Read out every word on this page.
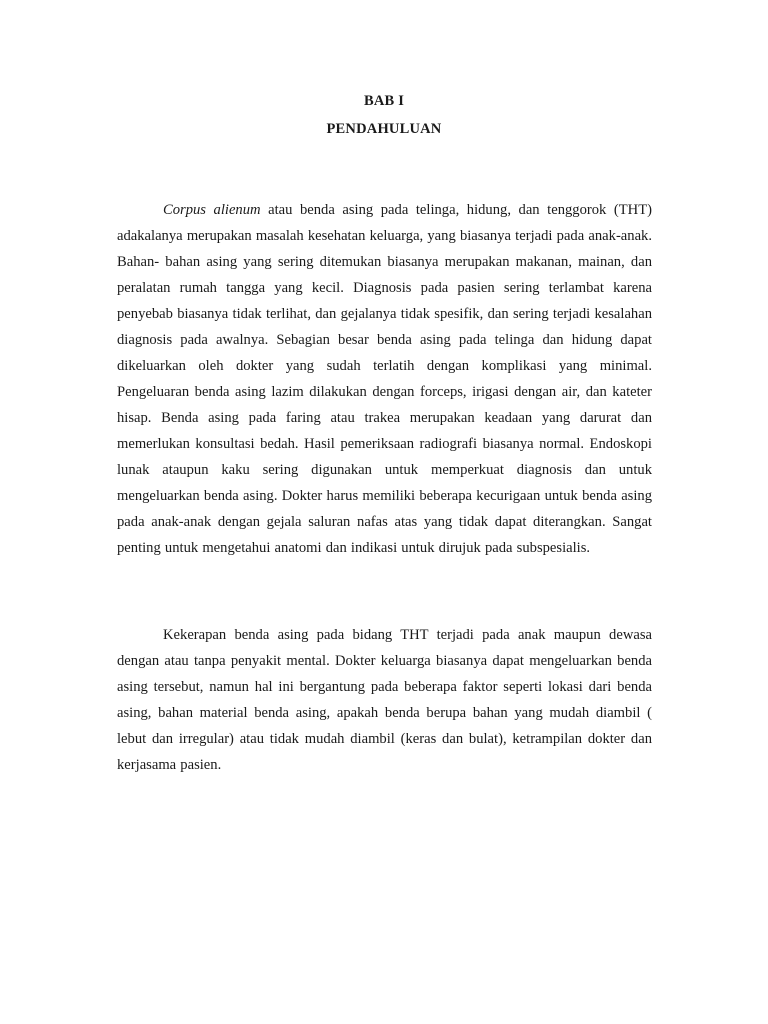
BAB I
PENDAHULUAN

Corpus alienum atau benda asing pada telinga, hidung, dan tenggorok (THT) adakalanya merupakan masalah kesehatan keluarga, yang biasanya terjadi pada anak-anak. Bahan- bahan asing yang sering ditemukan biasanya merupakan makanan, mainan, dan peralatan rumah tangga yang kecil. Diagnosis pada pasien sering terlambat karena penyebab biasanya tidak terlihat, dan gejalanya tidak spesifik, dan sering terjadi kesalahan diagnosis pada awalnya. Sebagian besar benda asing pada telinga dan hidung dapat dikeluarkan oleh dokter yang sudah terlatih dengan komplikasi yang minimal. Pengeluaran benda asing lazim dilakukan dengan forceps, irigasi dengan air, dan kateter hisap. Benda asing pada faring atau trakea merupakan keadaan yang darurat dan memerlukan konsultasi bedah. Hasil pemeriksaan radiografi biasanya normal. Endoskopi lunak ataupun kaku sering digunakan untuk memperkuat diagnosis dan untuk mengeluarkan benda asing. Dokter harus memiliki beberapa kecurigaan untuk benda asing pada anak-anak dengan gejala saluran nafas atas yang tidak dapat diterangkan. Sangat penting untuk mengetahui anatomi dan indikasi untuk dirujuk pada subspesialis.

Kekerapan benda asing pada bidang THT terjadi pada anak maupun dewasa dengan atau tanpa penyakit mental. Dokter keluarga biasanya dapat mengeluarkan benda asing tersebut, namun hal ini bergantung pada beberapa faktor seperti lokasi dari benda asing, bahan material benda asing, apakah benda berupa bahan yang mudah diambil ( lebut dan irregular) atau tidak mudah diambil (keras dan bulat), ketrampilan dokter dan kerjasama pasien.
